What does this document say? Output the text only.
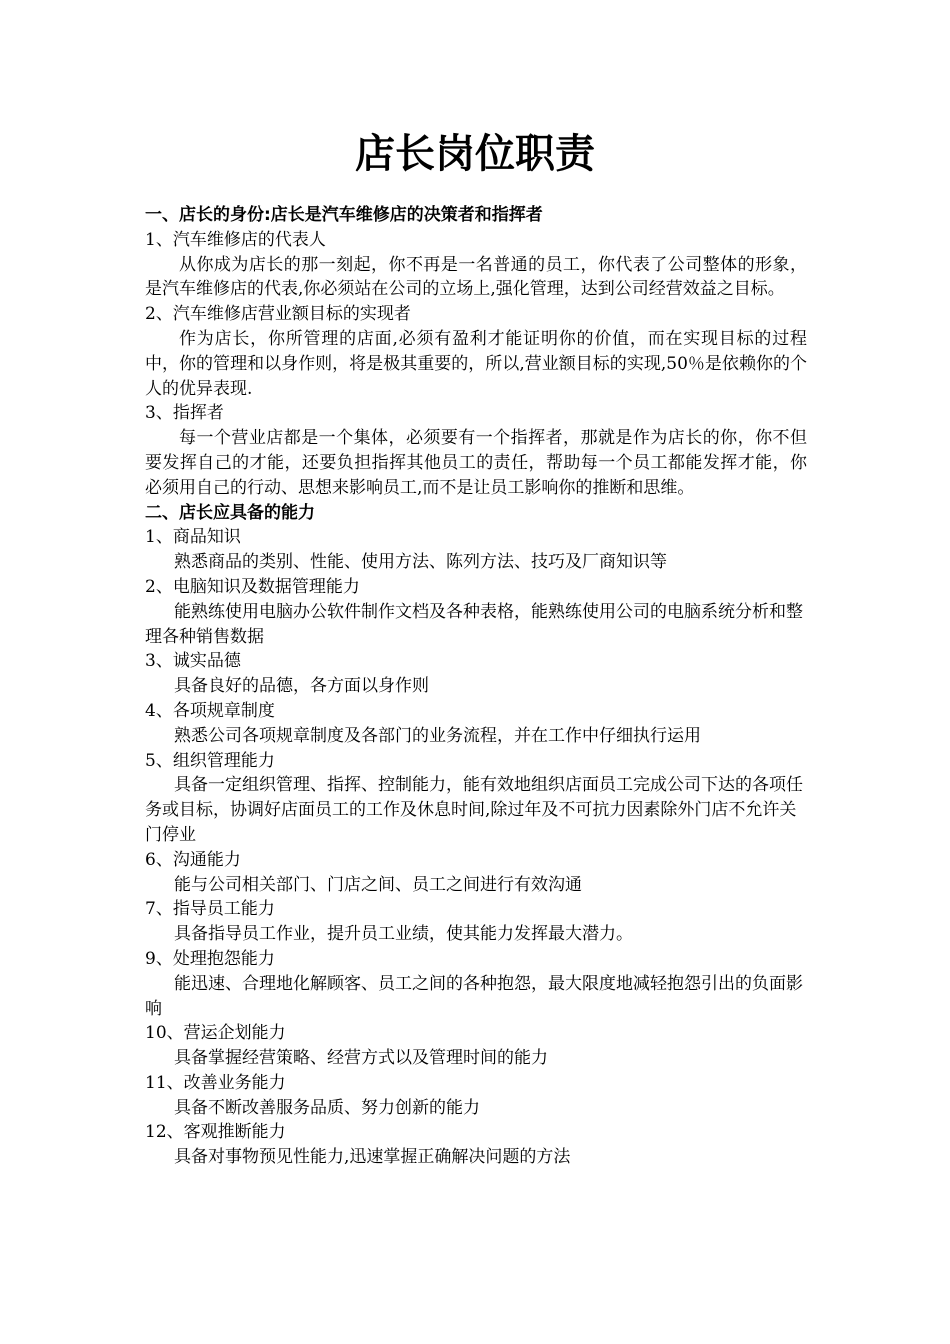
店长岗位职责

一、店长的身份:店长是汽车维修店的决策者和指挥者

1、汽车维修店的代表人

从你成为店长的那一刻起，你不再是一名普通的员工，你代表了公司整体的形象，是汽车维修店的代表,你必须站在公司的立场上,强化管理，达到公司经营效益之目标。

2、汽车维修店营业额目标的实现者

作为店长，你所管理的店面,必须有盈利才能证明你的价值，而在实现目标的过程中，你的管理和以身作则，将是极其重要的，所以,营业额目标的实现,50％是依赖你的个人的优异表现.

3、指挥者

每一个营业店都是一个集体，必须要有一个指挥者，那就是作为店长的你，你不但要发挥自己的才能，还要负担指挥其他员工的责任，帮助每一个员工都能发挥才能，你必须用自己的行动、思想来影响员工,而不是让员工影响你的推断和思维。

二、店长应具备的能力

1、商品知识

熟悉商品的类别、性能、使用方法、陈列方法、技巧及厂商知识等

2、电脑知识及数据管理能力

能熟练使用电脑办公软件制作文档及各种表格，能熟练使用公司的电脑系统分析和整理各种销售数据

3、诚实品德

具备良好的品德，各方面以身作则

4、各项规章制度

熟悉公司各项规章制度及各部门的业务流程，并在工作中仔细执行运用

5、组织管理能力

具备一定组织管理、指挥、控制能力，能有效地组织店面员工完成公司下达的各项任务或目标，协调好店面员工的工作及休息时间,除过年及不可抗力因素除外门店不允许关门停业

6、沟通能力

能与公司相关部门、门店之间、员工之间进行有效沟通

7、指导员工能力

具备指导员工作业，提升员工业绩，使其能力发挥最大潜力。

9、处理抱怨能力

能迅速、合理地化解顾客、员工之间的各种抱怨，最大限度地减轻抱怨引出的负面影响

10、营运企划能力

具备掌握经营策略、经营方式以及管理时间的能力

11、改善业务能力

具备不断改善服务品质、努力创新的能力

12、客观推断能力

具备对事物预见性能力,迅速掌握正确解决问题的方法
